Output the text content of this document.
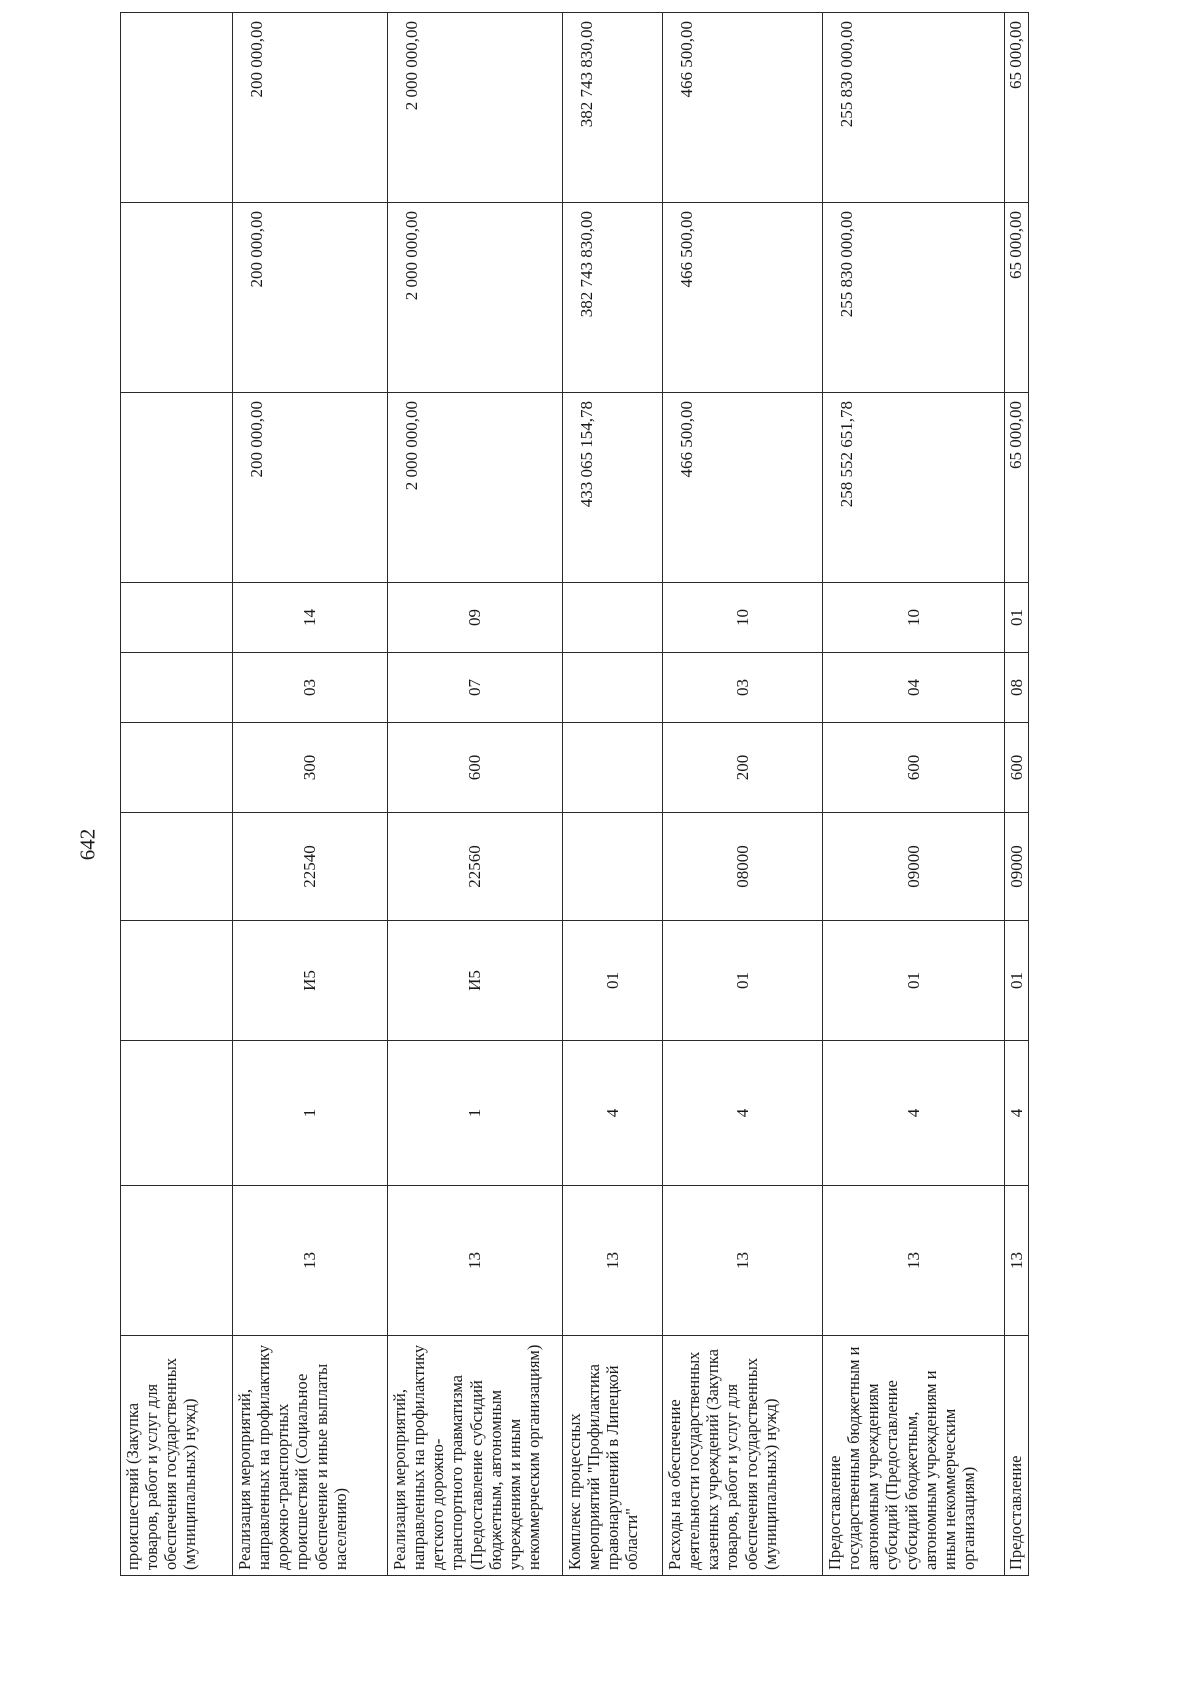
642
происшествий (Закупка товаров, работ и услуг для обеспечения государственных (муниципальных) нужд)										
Реализация мероприятий, направленных на профилактику дорожно-транспортных происшествий (Социальное обеспечение и иные выплаты населению)	13	1	И5	22540	300	03	14	200 000,00	200 000,00	200 000,00
Реализация мероприятий, направленных на профилактику детского дорожно-транспортного травматизма (Предоставление субсидий бюджетным, автономным учреждениям и иным некоммерческим организациям)	13	1	И5	22560	600	07	09	2 000 000,00	2 000 000,00	2 000 000,00
Комплекс процессных мероприятий "Профилактика правонарушений в Липецкой области"	13	4	01					433 065 154,78	382 743 830,00	382 743 830,00
Расходы на обеспечение деятельности государственных казенных учреждений (Закупка товаров, работ и услуг для обеспечения государственных (муниципальных) нужд)	13	4	01	08000	200	03	10	466 500,00	466 500,00	466 500,00
Предоставление государственным бюджетным и автономным учреждениям субсидий (Предоставление субсидий бюджетным, автономным учреждениям и иным некоммерческим организациям)	13	4	01	09000	600	04	10	258 552 651,78	255 830 000,00	255 830 000,00
Предоставление	13	4	01	09000	600	08	01	65 000,00	65 000,00	65 000,00
